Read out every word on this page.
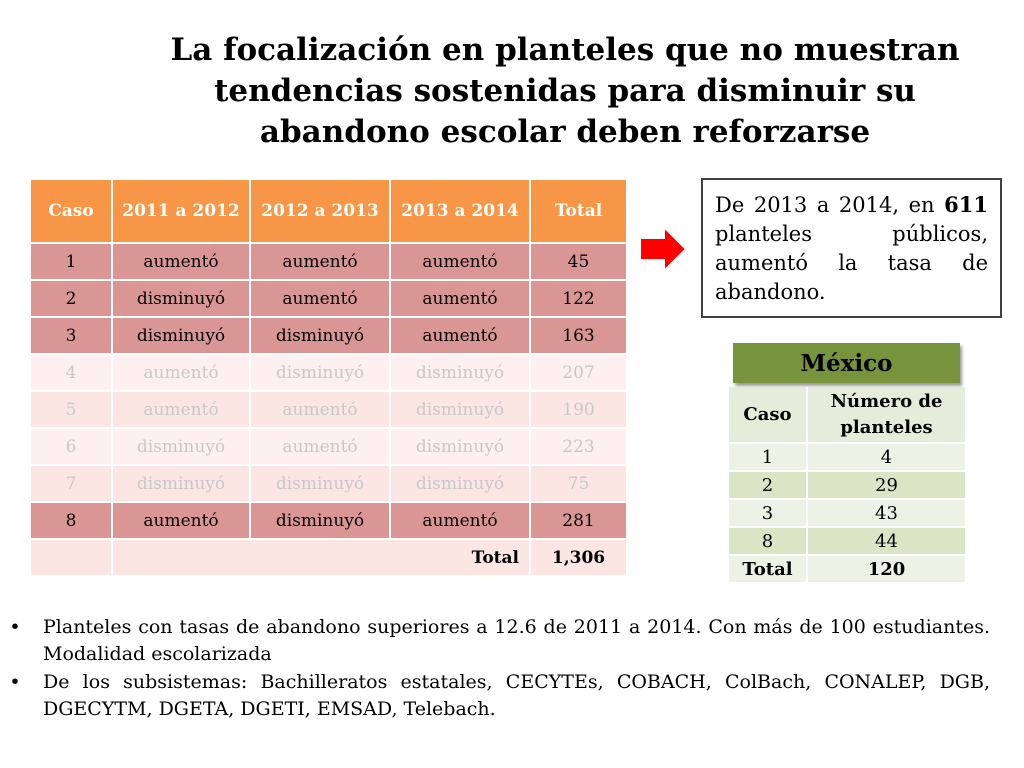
La focalización en planteles que no muestran
tendencias sostenidas para disminuir su
abandono escolar deben reforzarse
Caso	2011 a 2012	2012 a 2013	2013 a 2014	Total
1	aumentó	aumentó	aumentó	45
2	disminuyó	aumentó	aumentó	122
3	disminuyó	disminuyó	aumentó	163
4	aumentó	disminuyó	disminuyó	207
5	aumentó	aumentó	disminuyó	190
6	disminuyó	aumentó	disminuyó	223
7	disminuyó	disminuyó	disminuyó	75
8	aumentó	disminuyó	aumentó	281
	Total			1,306
De 2013 a 2014, en 611 planteles públicos, aumentó la tasa de abandono.
México
Caso	Número de planteles
1	4
2	29
3	43
8	44
Total	120
• Planteles con tasas de abandono superiores a 12.6 de 2011 a 2014. Con más de 100 estudiantes. Modalidad escolarizada
• De los subsistemas: Bachilleratos estatales, CECYTEs, COBACH, ColBach, CONALEP, DGB, DGECYTM, DGETA, DGETI, EMSAD, Telebach.
